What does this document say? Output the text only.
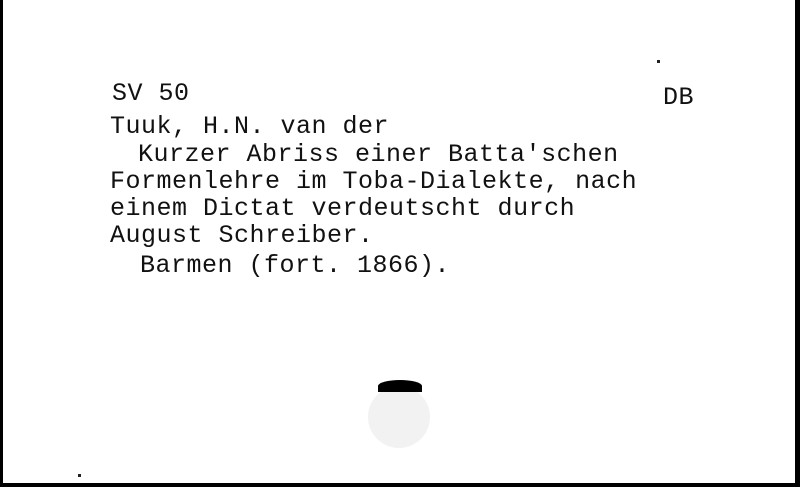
SV 50	DB
Tuuk, H.N. van der
Kurzer Abriss einer Batta'schen
Formenlehre im Toba-Dialekte, nach
einem Dictat verdeutscht durch
August Schreiber.
Barmen (fort. 1866).
